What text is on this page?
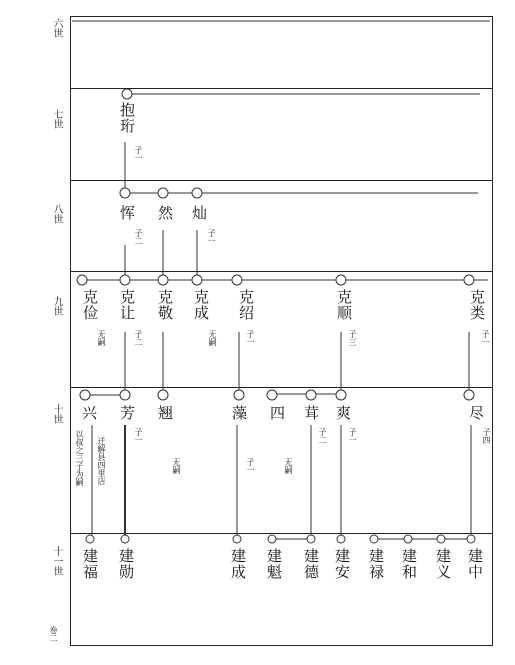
六世
七世
八世
九世
十世
十一世
抱珩
子一
恽
子二
然 灿
子一
克俭
无嗣
克让
子二
克敬 克成
无嗣
克绍
子一
克顺
子三
克类
子一
兴
以叔之三子为嗣 迁解县四里店
芳
子一
翘
无嗣
藻
子一
四
无嗣
茸
子二
爽
子一
尽
子四
建福 建勋	建成 建魁 建德 建安 建禄 建和 建义 建中
卷二
